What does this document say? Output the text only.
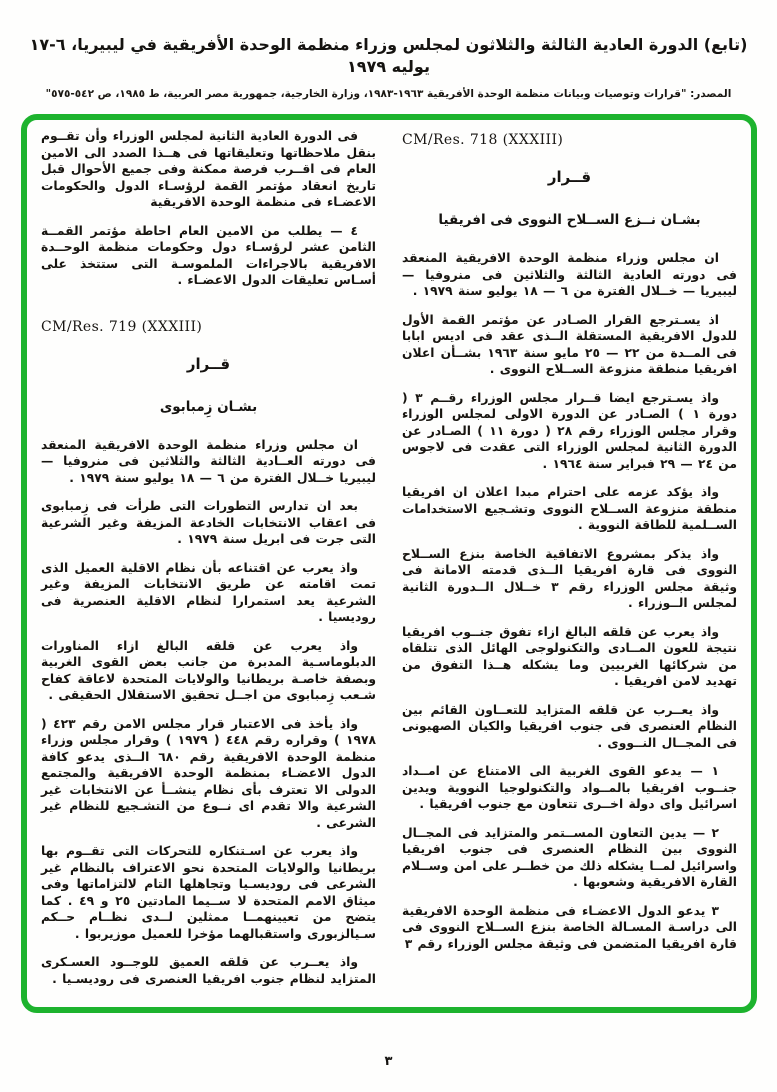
(تابع) الدورة العادية الثالثة والثلاثون لمجلس وزراء منظمة الوحدة الأفريقية في ليبيريا، ٦-١٧ يوليه ١٩٧٩
المصدر: "قرارات وتوصيات وبيانات منظمة الوحدة الأفريقية ١٩٦٣-١٩٨٣، وزارة الخارجية، جمهورية مصر العربية، ط ١٩٨٥، ص ٥٤٢-٥٧٥"
CM/Res. 718 (XXXIII)
قــرار
بشـان نــزع الســلاح النووى فى افريقيا

ان مجلس وزراء منظمة الوحدة الافريقية المنعقد فى دورته العادية الثالثة والثلاثين فى منروفيا — ليبيريا — خــلال الفترة من ٦ — ١٨ يوليو سنة ١٩٧٩ .

اذ يسـترجع القرار الصـادر عن مؤتمر القمة الأول للدول الافريقية المستقلة الــذى عقد فى اديس ابابا فى المــدة من ٢٢ — ٢٥ مايو سنة ١٩٦٣ بشــأن اعلان افريقيا منطقة منزوعة الســلاح النووى .

واذ يسـترجع ايضا قــرار مجلس الوزراء رقــم ٣ ( دورة ١ ) الصـادر عن الدورة الاولى لمجلس الوزراء وقرار مجلس الوزراء رقم ٢٨ ( دورة ١١ ) الصـادر عن الدورة الثانية لمجلس الوزراء التى عقدت فى لاجوس من ٢٤ — ٢٩ فبراير سنة ١٩٦٤ .

واذ يؤكد عزمه على احترام مبدا اعلان ان افريقيا منطقة منزوعة الســلاح النووى وتشـجيع الاستخدامات الســلمية للطاقة النووية .

واذ يذكر بمشروع الاتفاقية الخاصة بنزع الســلاح النووى فى قارة افريقيا الــذى قدمته الامانة فى وثيقة مجلس الوزراء رقم ٣ خــلال الــدورة الثانية لمجلس الــوزراء .

واذ يعرب عن قلقه البالغ ازاء تفوق جنــوب افريقيا نتيجة للعون المــادى والتكنولوجى الهائل الذى تتلقاه من شركائها الغربيين وما يشكله هــذا التفوق من تهديد لامن افريقيا .

واذ يعــرب عن قلقه المتزايد للتعــاون القائم بين النظام العنصرى فى جنوب افريقيا والكيان الصهيونى فى المجــال النــووى .

١ — يدعو القوى الغربية الى الامتناع عن امــداد جنــوب افريقيا بالمــواد والتكنولوجيا النووية ويدين اسرائيل واى دولة اخــرى تتعاون مع جنوب افريقيا .

٢ — يدين التعاون المســتمر والمتزايد فى المجــال النووى بين النظام العنصرى فى جنوب افريقيا واسرائيل لمــا يشكله ذلك من خطــر على امن وســلام القارة الافريقية وشعوبها .

٣ يدعو الدول الاعضـاء فى منظمة الوحدة الافريقية الى دراسـة المسـالة الخاصة بنزع الســلاح النووى فى قارة افريقيا المتضمن فى وثيقة مجلس الوزراء رقم ٣

فى الدورة العادية الثانية لمجلس الوزراء وأن تقــوم بنقل ملاحظاتها وتعليقاتها فى هــذا الصدد الى الامين العام فى اقــرب فرصة ممكنة وفى جميع الأحوال قبل تاريخ انعقاد مؤتمر القمة لرؤسـاء الدول والحكومات الاعضـاء فى منظمة الوحدة الافريقية

٤ — يطلب من الامين العام احاطة مؤتمر القمــة الثامن عشر لرؤسـاء دول وحكومات منظمة الوحــدة الافريقية بالاجراءات الملموسـة التى ستتخذ على أسـاس تعليقات الدول الاعضـاء .

CM/Res. 719 (XXXIII)
قــرار
بشـان زِمبابوى

ان مجلس وزراء منظمة الوحدة الافريقية المنعقد فى دورته العــادية الثالثة والثلاثين فى منروفيا — ليبيريا خــلال الفترة من ٦ — ١٨ يوليو سنة ١٩٧٩ .

بعد ان تدارس التطورات التى طرأت فى زِمبابوى فى اعقاب الانتخابات الخادعة المزيفة وغير الشرعية التى جرت فى ابريل سنة ١٩٧٩ .

واذ يعرب عن اقتناعه بأن نظام الاقلية العميل الذى تمت اقامته عن طريق الانتخابات المزيفة وغير الشرعية يعد استمرارا لنظام الاقلية العنصرية فى روديسيا .

واذ يعرب عن قلقه البالغ ازاء المناورات الدبلوماسـية المدبرة من جانب بعض القوى الغربية وبصفة خاصـة بريطانيا والولايات المتحدة لاعاقة كفاح شـعب زِمبابوى من اجــل تحقيق الاستقلال الحقيقى .

واذ يأخذ فى الاعتبار قرار مجلس الامن رقم ٤٢٣ ( ١٩٧٨ ) وقراره رقم ٤٤٨ ( ١٩٧٩ ) وقرار مجلس وزراء منظمة الوحدة الافريقية رقم ٦٨٠ الــذى يدعو كافة الدول الاعضـاء بمنظمة الوحدة الافريقية والمجتمع الدولى الا تعترف بأى نظام ينشــأ عن الانتخابات غير الشرعية والا تقدم اى نــوع من التشـجيع للنظام غير الشرعى .

واذ يعرب عن اسـتنكاره للتحركات التى تقــوم بها بريطانيا والولايات المتحدة نحو الاعتراف بالنظام غير الشرعى فى روديسـيا وتجاهلها التام لالتزاماتها وفى ميثاق الامم المتحدة لا ســيما المادتين ٢٥ و ٤٩ . كما يتضح من تعيينهمــا ممثلين لــدى نظــام حــكم سـيالزبورى واستقبالهما مؤخرا للعميل موزيربوا .

واذ يعــرب عن قلقه العميق للوجــود العسـكرى المتزايد لنظام جنوب افريقيا العنصرى فى روديسـيا .

٣
